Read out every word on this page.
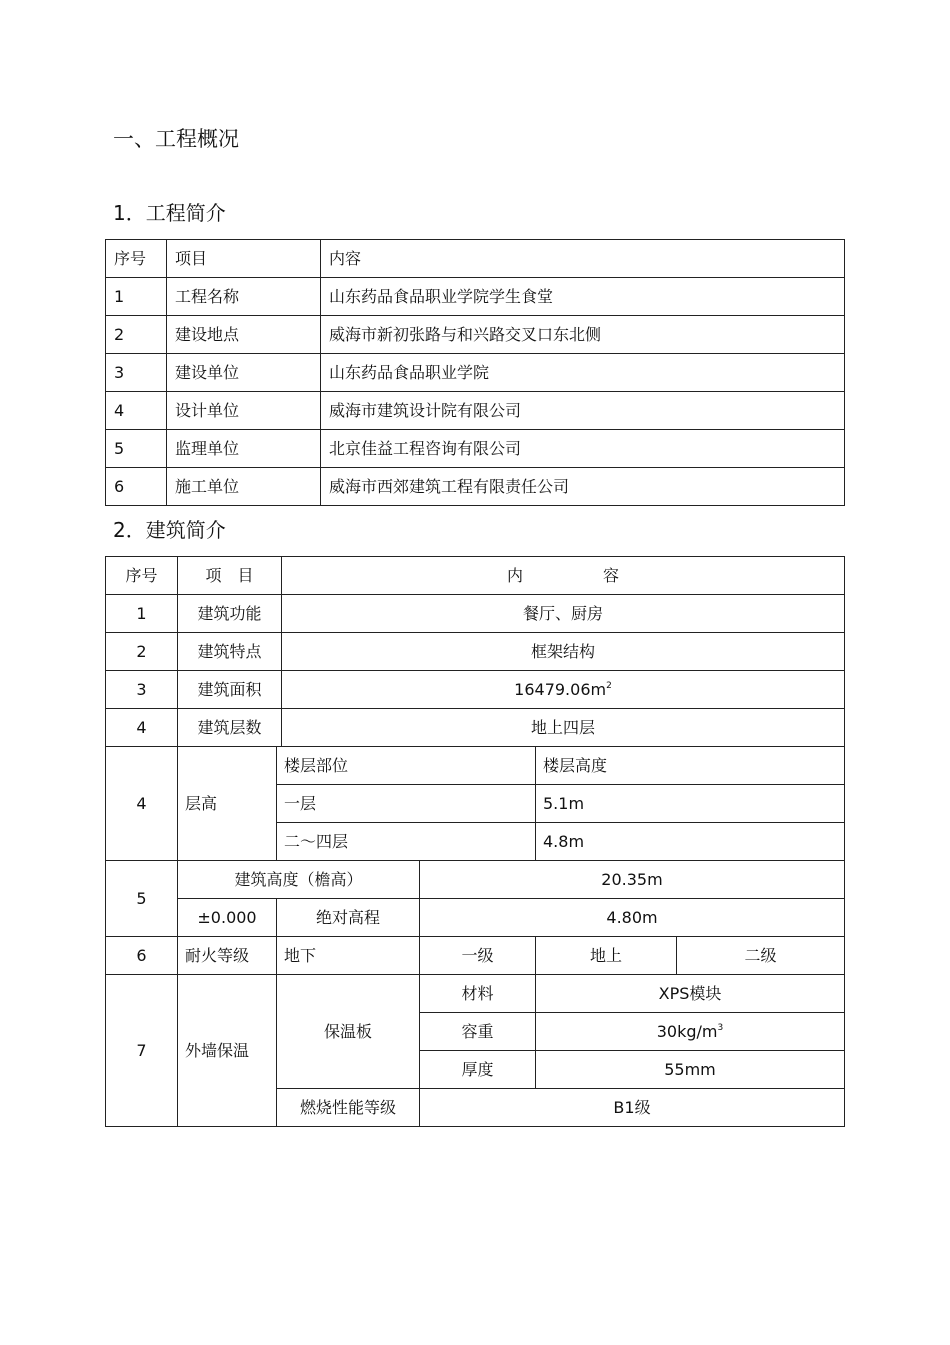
一、工程概况
1．工程简介
序号	项目	内容
1	工程名称	山东药品食品职业学院学生食堂
2	建设地点	威海市新初张路与和兴路交叉口东北侧
3	建设单位	山东药品食品职业学院
4	设计单位	威海市建筑设计院有限公司
5	监理单位	北京佳益工程咨询有限公司
6	施工单位	威海市西郊建筑工程有限责任公司
2．建筑简介
序号	项　目		内　　　　　容			
1	建筑功能		餐厅、厨房			
2	建筑特点		框架结构			
3	建筑面积		$16479.06m^2$
4	建筑层数		地上四层			
4	层高	楼层部位			楼层高度	
		一层			5.1m	
		二～四层			4.8m	
5	建筑高度（檐高）			20.35m		
	±0.000	绝对高程		4.80m		
6	耐火等级	地下		一级	地上	二级
7	外墙保温	保温板		材料	XPS模块	
				容重	$30kg/m^3$
				厚度	55mm	
		燃烧性能等级		B1级		
